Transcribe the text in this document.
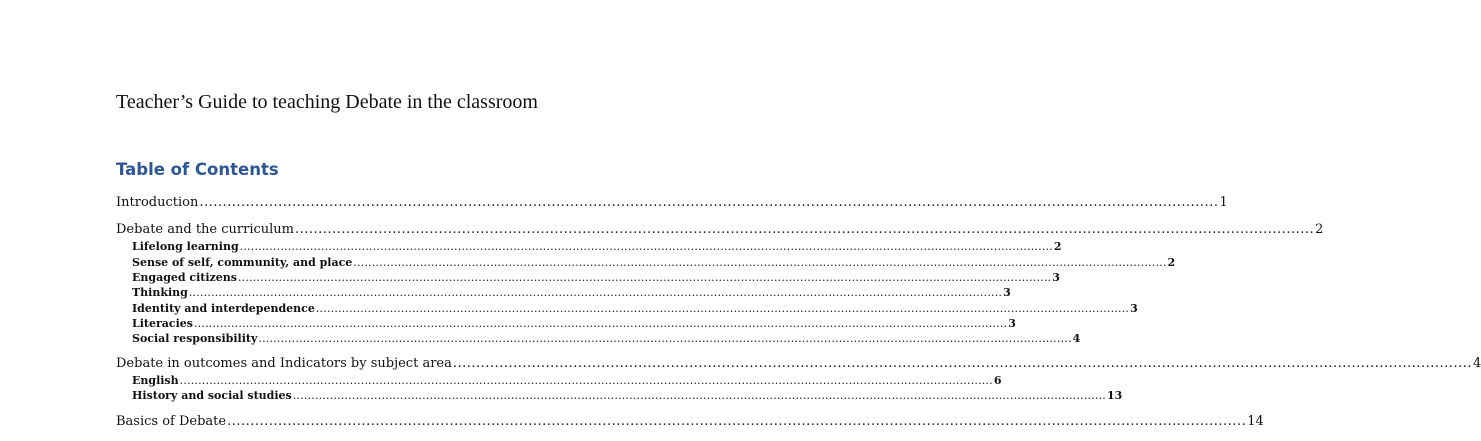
Teacher’s Guide to teaching Debate in the classroom
Table of Contents
Introduction ............................................................................................................................................................................................................................ 1
Debate and the curriculum ............................................................................................................................................................................................................................ 2
Lifelong learning ............................................................................................................................................................................................................................ 2
Sense of self, community, and place ............................................................................................................................................................................................................................ 2
Engaged citizens ............................................................................................................................................................................................................................ 3
Thinking ............................................................................................................................................................................................................................ 3
Identity and interdependence ............................................................................................................................................................................................................................ 3
Literacies ............................................................................................................................................................................................................................ 3
Social responsibility ............................................................................................................................................................................................................................ 4
Debate in outcomes and Indicators by subject area ............................................................................................................................................................................................................................ 4
English ............................................................................................................................................................................................................................ 6
History and social studies ............................................................................................................................................................................................................................ 13
Basics of Debate ............................................................................................................................................................................................................................ 14
